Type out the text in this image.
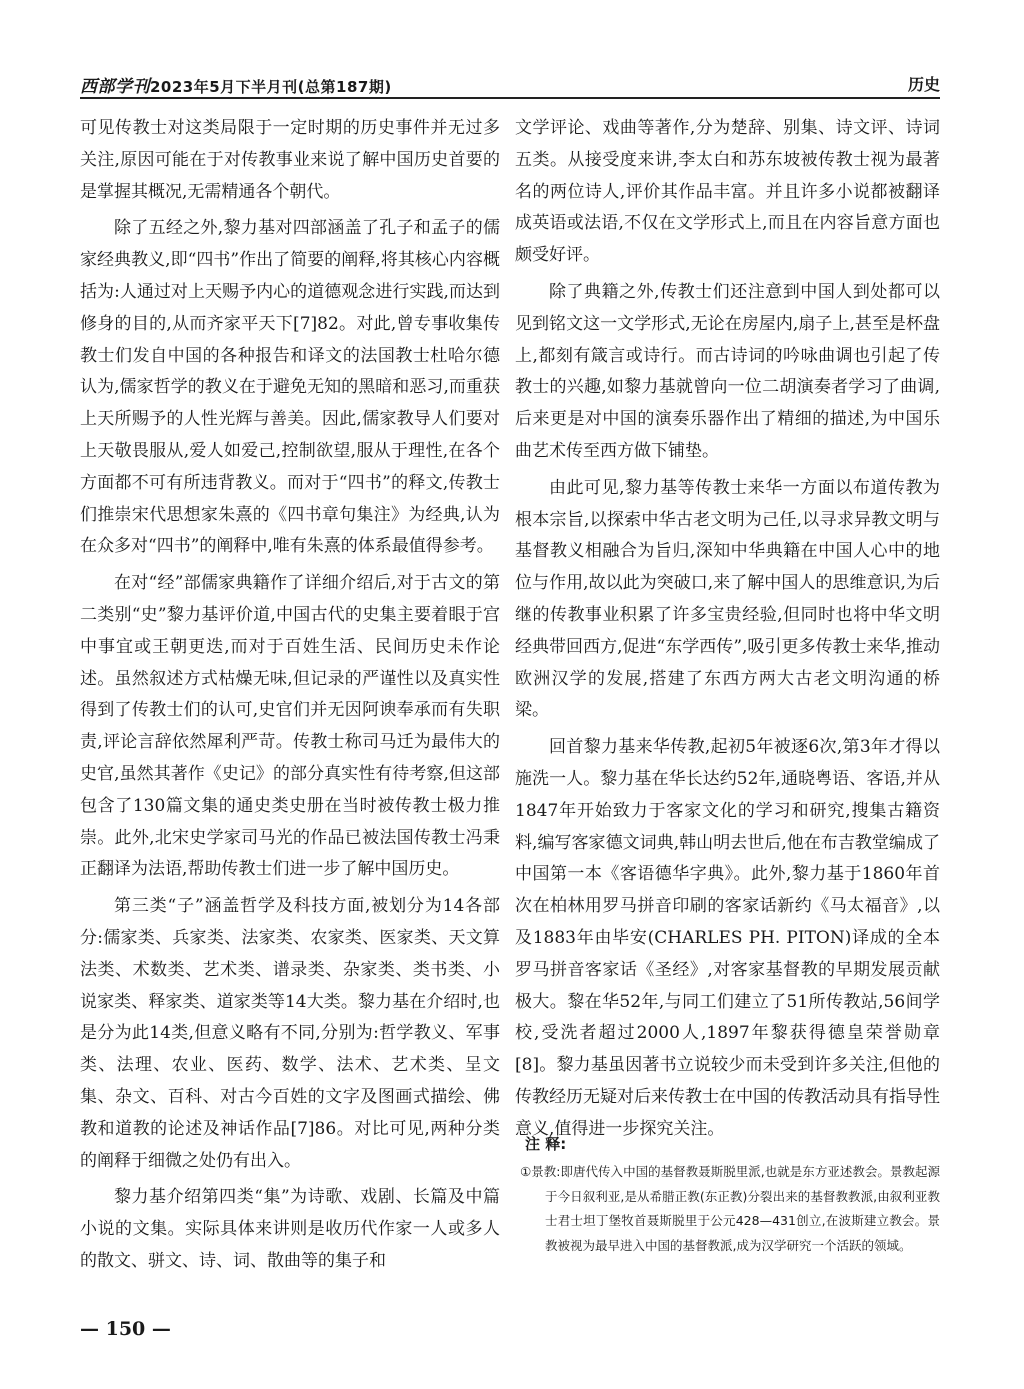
西部学刊2023年5月下半月刊(总第187期)	历史

可见传教士对这类局限于一定时期的历史事件并无过多关注,原因可能在于对传教事业来说了解中国历史首要的是掌握其概况,无需精通各个朝代。

除了五经之外,黎力基对四部涵盖了孔子和孟子的儒家经典教义,即“四书”作出了简要的阐释,将其核心内容概括为:人通过对上天赐予内心的道德观念进行实践,而达到修身的目的,从而齐家平天下[7]82。对此,曾专事收集传教士们发自中国的各种报告和译文的法国教士杜哈尔德认为,儒家哲学的教义在于避免无知的黑暗和恶习,而重获上天所赐予的人性光辉与善美。因此,儒家教导人们要对上天敬畏服从,爱人如爱己,控制欲望,服从于理性,在各个方面都不可有所违背教义。而对于“四书”的释文,传教士们推崇宋代思想家朱熹的《四书章句集注》为经典,认为在众多对“四书”的阐释中,唯有朱熹的体系最值得参考。

在对“经”部儒家典籍作了详细介绍后,对于古文的第二类别“史”黎力基评价道,中国古代的史集主要着眼于宫中事宜或王朝更迭,而对于百姓生活、民间历史未作论述。虽然叙述方式枯燥无味,但记录的严谨性以及真实性得到了传教士们的认可,史官们并无因阿谀奉承而有失职责,评论言辞依然犀利严苛。传教士称司马迁为最伟大的史官,虽然其著作《史记》的部分真实性有待考察,但这部包含了130篇文集的通史类史册在当时被传教士极力推崇。此外,北宋史学家司马光的作品已被法国传教士冯秉正翻译为法语,帮助传教士们进一步了解中国历史。

第三类“子”涵盖哲学及科技方面,被划分为14各部分:儒家类、兵家类、法家类、农家类、医家类、天文算法类、术数类、艺术类、谱录类、杂家类、类书类、小说家类、释家类、道家类等14大类。黎力基在介绍时,也是分为此14类,但意义略有不同,分别为:哲学教义、军事类、法理、农业、医药、数学、法术、艺术类、呈文集、杂文、百科、对古今百姓的文字及图画式描绘、佛教和道教的论述及神话作品[7]86。对比可见,两种分类的阐释于细微之处仍有出入。

黎力基介绍第四类“集”为诗歌、戏剧、长篇及中篇小说的文集。实际具体来讲则是收历代作家一人或多人的散文、骈文、诗、词、散曲等的集子和

文学评论、戏曲等著作,分为楚辞、别集、诗文评、诗词五类。从接受度来讲,李太白和苏东坡被传教士视为最著名的两位诗人,评价其作品丰富。并且许多小说都被翻译成英语或法语,不仅在文学形式上,而且在内容旨意方面也颇受好评。

除了典籍之外,传教士们还注意到中国人到处都可以见到铭文这一文学形式,无论在房屋内,扇子上,甚至是杯盘上,都刻有箴言或诗行。而古诗词的吟咏曲调也引起了传教士的兴趣,如黎力基就曾向一位二胡演奏者学习了曲调,后来更是对中国的演奏乐器作出了精细的描述,为中国乐曲艺术传至西方做下铺垫。

由此可见,黎力基等传教士来华一方面以布道传教为根本宗旨,以探索中华古老文明为己任,以寻求异教文明与基督教义相融合为旨归,深知中华典籍在中国人心中的地位与作用,故以此为突破口,来了解中国人的思维意识,为后继的传教事业积累了许多宝贵经验,但同时也将中华文明经典带回西方,促进“东学西传”,吸引更多传教士来华,推动欧洲汉学的发展,搭建了东西方两大古老文明沟通的桥梁。

回首黎力基来华传教,起初5年被逐6次,第3年才得以施洗一人。黎力基在华长达约52年,通晓粤语、客语,并从1847年开始致力于客家文化的学习和研究,搜集古籍资料,编写客家德文词典,韩山明去世后,他在布吉教堂编成了中国第一本《客语德华字典》。此外,黎力基于1860年首次在柏林用罗马拼音印刷的客家话新约《马太福音》,以及1883年由毕安(CHARLES PH. PITON)译成的全本罗马拼音客家话《圣经》,对客家基督教的早期发展贡献极大。黎在华52年,与同工们建立了51所传教站,56间学校,受洗者超过2000人,1897年黎获得德皇荣誉勋章[8]。黎力基虽因著书立说较少而未受到许多关注,但他的传教经历无疑对后来传教士在中国的传教活动具有指导性意义,值得进一步探究关注。

注 释:

①景教:即唐代传入中国的基督教聂斯脱里派,也就是东方亚述教会。景教起源于今日叙利亚,是从希腊正教(东正教)分裂出来的基督教教派,由叙利亚教士君士坦丁堡牧首聂斯脱里于公元428—431创立,在波斯建立教会。景教被视为最早进入中国的基督教派,成为汉学研究一个活跃的领域。

— 150 —
